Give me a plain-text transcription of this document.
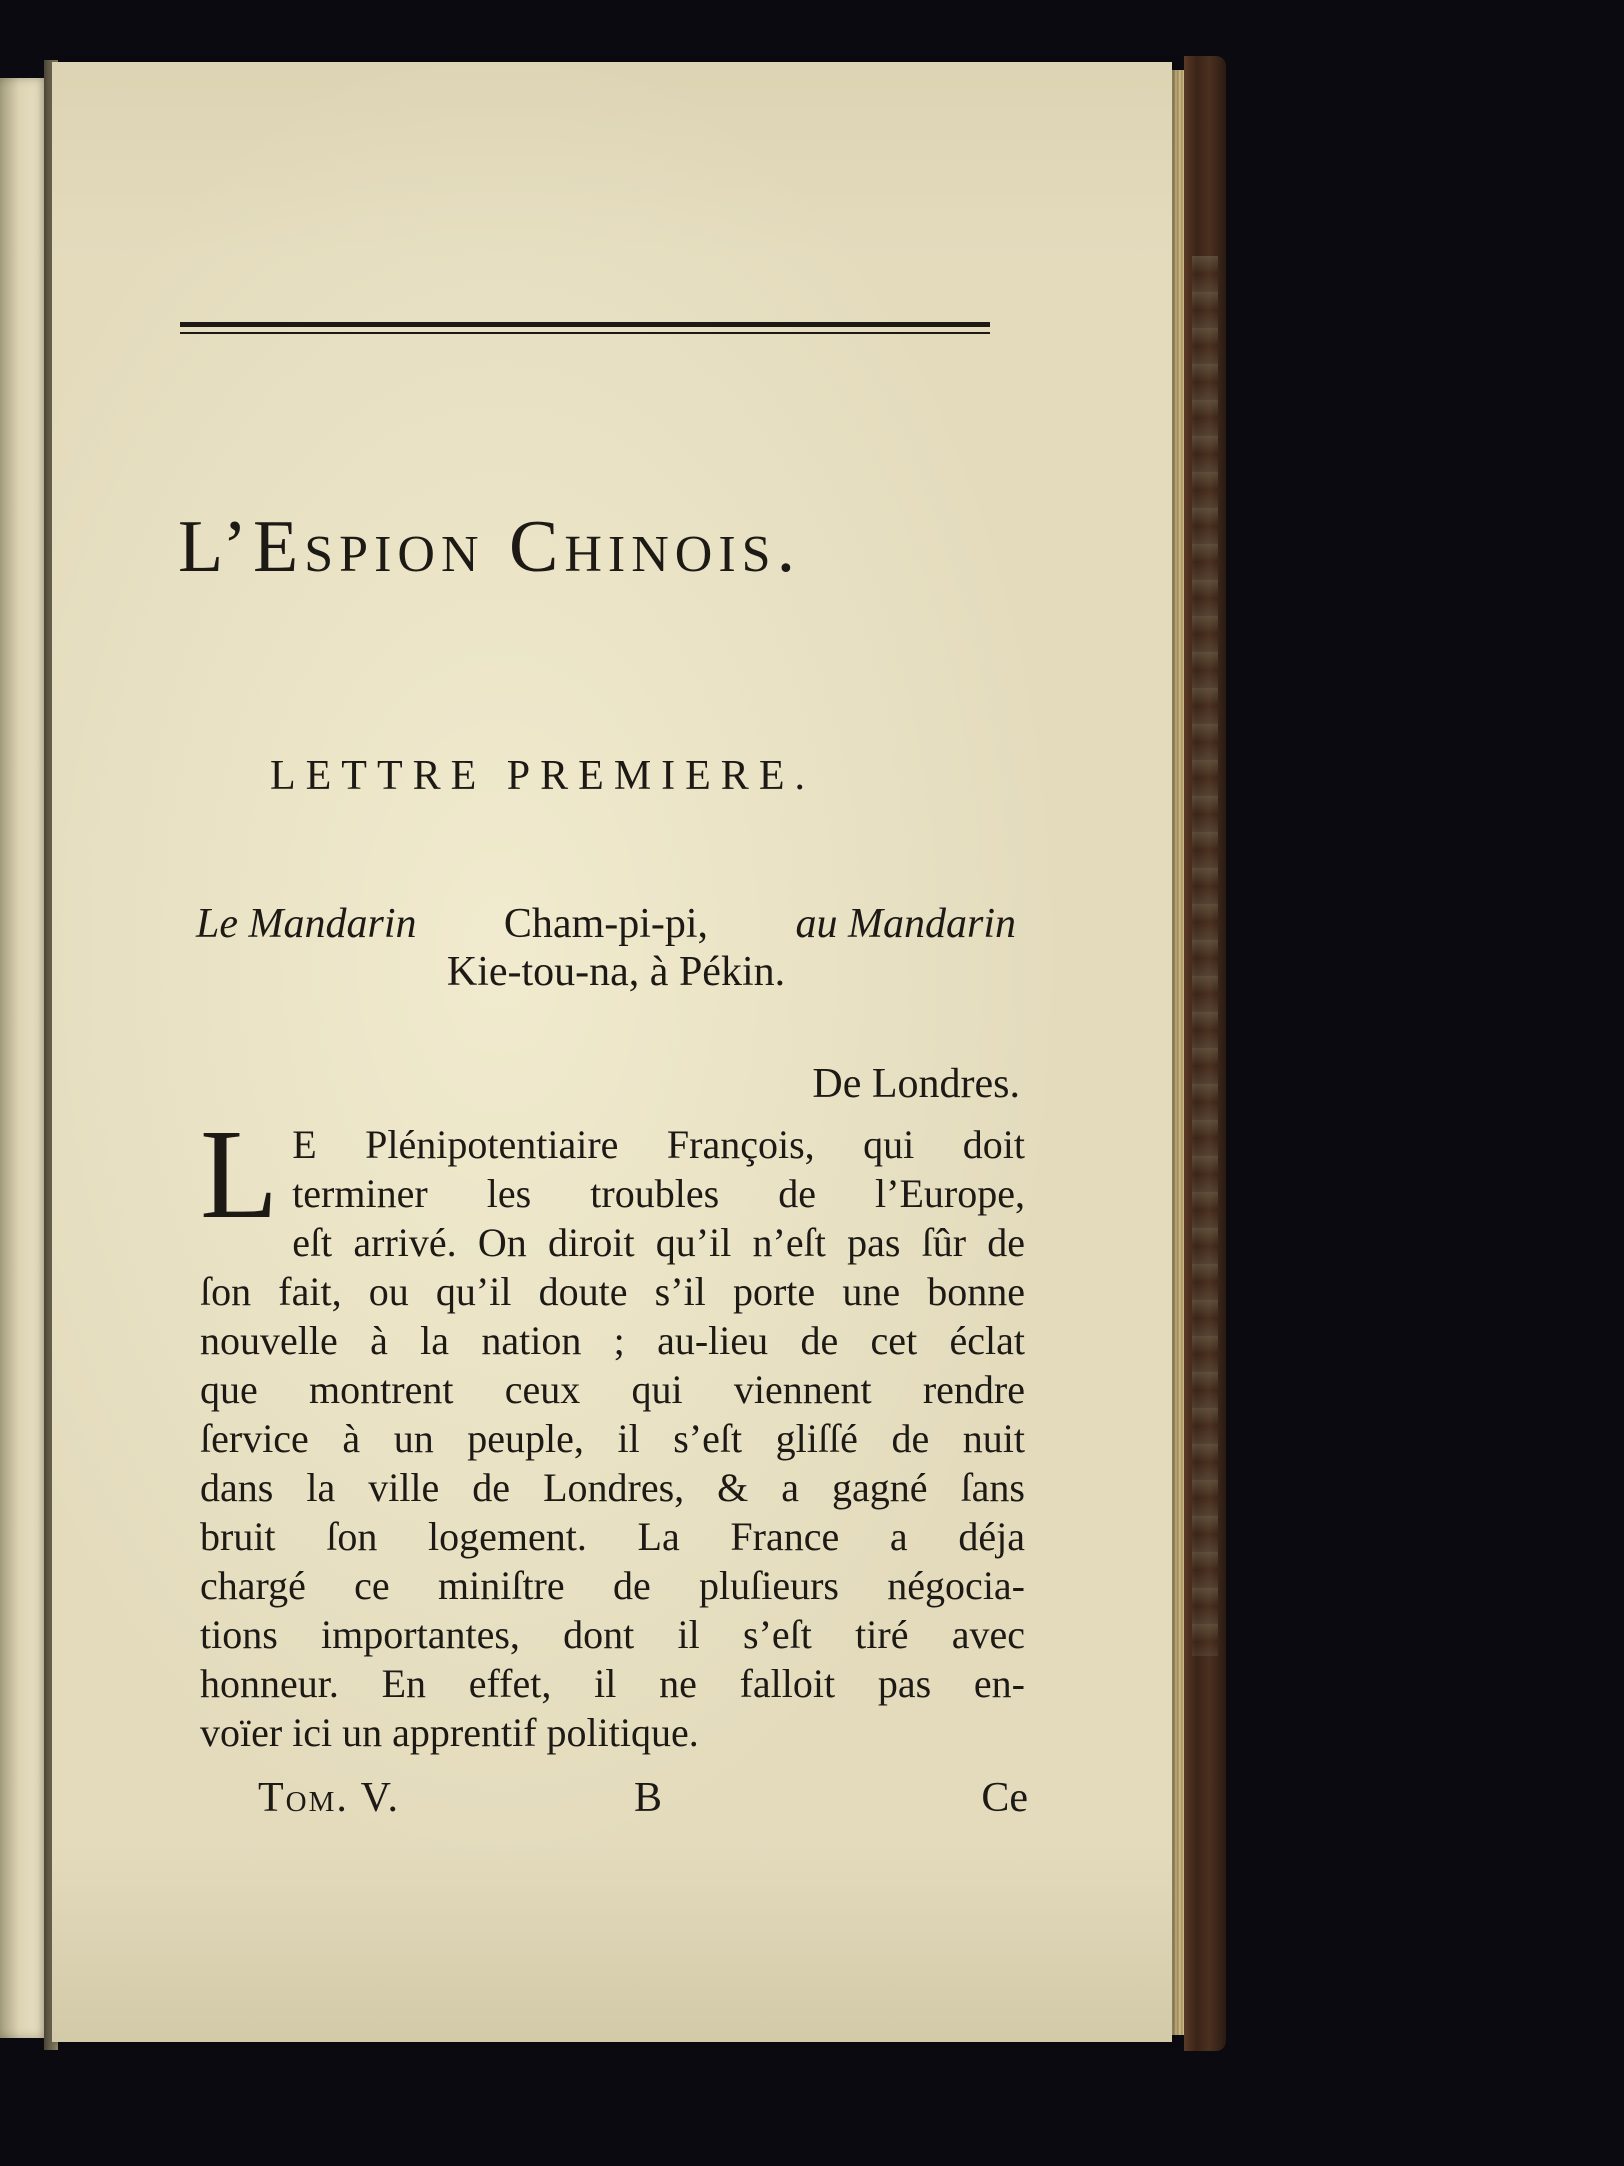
L’Espion Chinois.
LETTRE PREMIERE.
Le Mandarin Cham-pi-pi, au Mandarin
Kie-tou-na, à Pékin.
De Londres.
L E Plénipotentiaire François, qui doit
terminer les troubles de l’Europe,
eſt arrivé. On diroit qu’il n’eſt pas ſûr de
ſon fait, ou qu’il doute s’il porte une bonne
nouvelle à la nation ; au-lieu de cet éclat
que montrent ceux qui viennent rendre
ſervice à un peuple, il s’eſt gliſſé de nuit
dans la ville de Londres, & a gagné ſans
bruit ſon logement. La France a déja
chargé ce miniſtre de pluſieurs négocia-
tions importantes, dont il s’eſt tiré avec
honneur. En effet, il ne falloit pas en-
voïer ici un apprentif politique.
Tom. V.	B	Ce
